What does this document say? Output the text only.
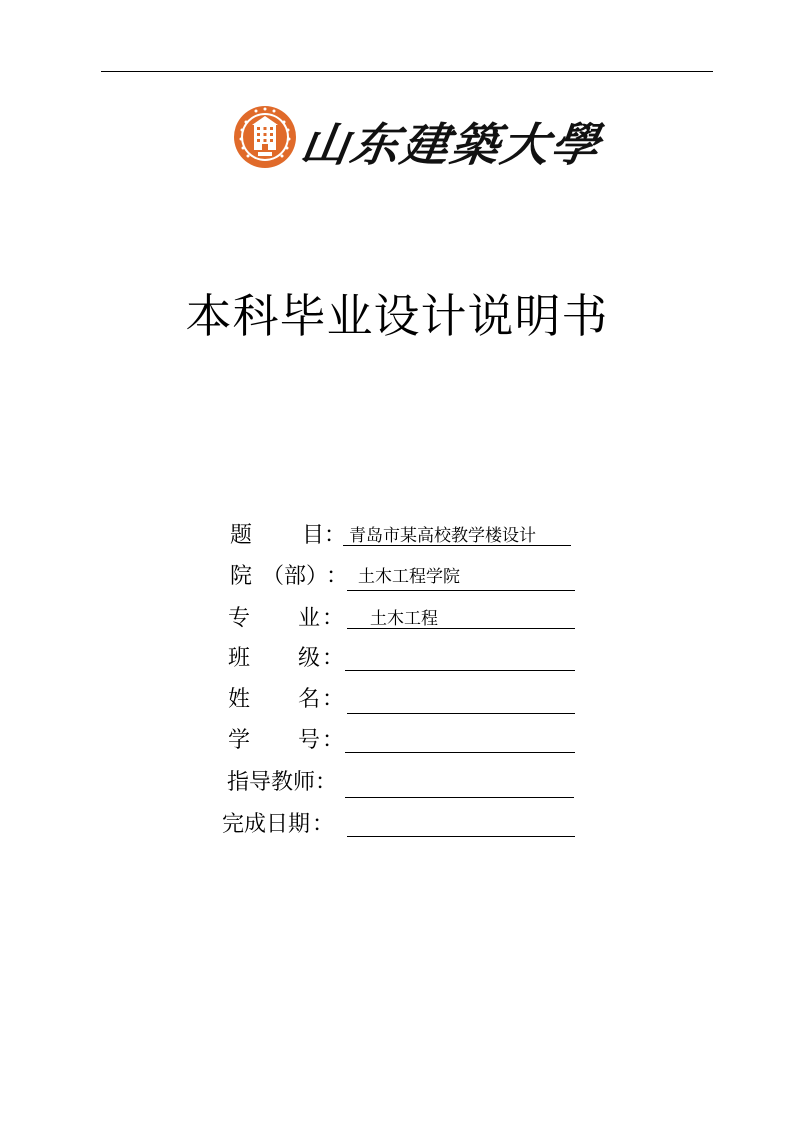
山东建築大學
本科毕业设计说明书
题 目 ： 青岛市某高校教学楼设计
院 （部）
： 土木工程学院
专 业 ： 土木工程
班 级 ：
姓 名 ：
学 号 ：
指导教师 ：
完成日期 ：
